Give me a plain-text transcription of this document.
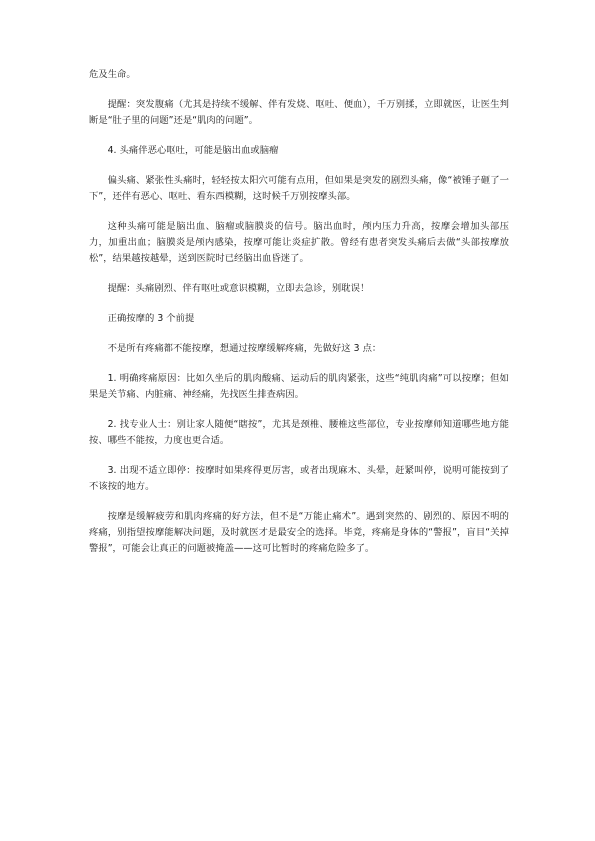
危及生命。

提醒：突发腹痛（尤其是持续不缓解、伴有发烧、呕吐、便血），千万别揉，立即就医，让医生判断是“肚子里的问题”还是“肌肉的问题”。

4. 头痛伴恶心呕吐，可能是脑出血或脑瘤

偏头痛、紧张性头痛时，轻轻按太阳穴可能有点用，但如果是突发的剧烈头痛，像“被锤子砸了一下”，还伴有恶心、呕吐、看东西模糊，这时候千万别按摩头部。

这种头痛可能是脑出血、脑瘤或脑膜炎的信号。脑出血时，颅内压力升高，按摩会增加头部压力，加重出血；脑膜炎是颅内感染，按摩可能让炎症扩散。曾经有患者突发头痛后去做“头部按摩放松”，结果越按越晕，送到医院时已经脑出血昏迷了。

提醒：头痛剧烈、伴有呕吐或意识模糊，立即去急诊，别耽误！

正确按摩的 3 个前提

不是所有疼痛都不能按摩，想通过按摩缓解疼痛，先做好这 3 点：

1. 明确疼痛原因：比如久坐后的肌肉酸痛、运动后的肌肉紧张，这些“纯肌肉痛”可以按摩；但如果是关节痛、内脏痛、神经痛，先找医生排查病因。

2. 找专业人士：别让家人随便“瞎按”，尤其是颈椎、腰椎这些部位，专业按摩师知道哪些地方能按、哪些不能按，力度也更合适。

3. 出现不适立即停：按摩时如果疼得更厉害，或者出现麻木、头晕，赶紧叫停，说明可能按到了不该按的地方。

按摩是缓解疲劳和肌肉疼痛的好方法，但不是“万能止痛术”。遇到突然的、剧烈的、原因不明的疼痛，别指望按摩能解决问题，及时就医才是最安全的选择。毕竟，疼痛是身体的“警报”，盲目“关掉警报”，可能会让真正的问题被掩盖——这可比暂时的疼痛危险多了。
